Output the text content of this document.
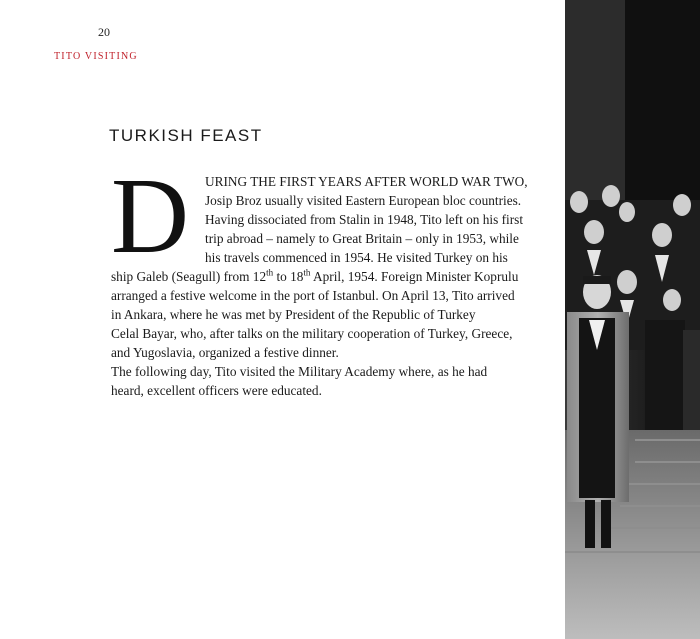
20
TITO VISITING
TURKISH FEAST
D	URING THE FIRST YEARS AFTER WORLD WAR TWO,
Josip Broz usually visited Eastern European bloc countries.
Having dissociated from Stalin in 1948, Tito left on his first
trip abroad – namely to Great Britain – only in 1953, while
his travels commenced in 1954. He visited Turkey on his
ship Galeb (Seagull) from 12th to 18th April, 1954. Foreign Minister Koprulu
arranged a festive welcome in the port of Istanbul. On April 13, Tito arrived
in Ankara, where he was met by President of the Republic of Turkey
Celal Bayar, who, after talks on the military cooperation of Turkey, Greece,
and Yugoslavia, organized a festive dinner.
The following day, Tito visited the Military Academy where, as he had
heard, excellent officers were educated.
